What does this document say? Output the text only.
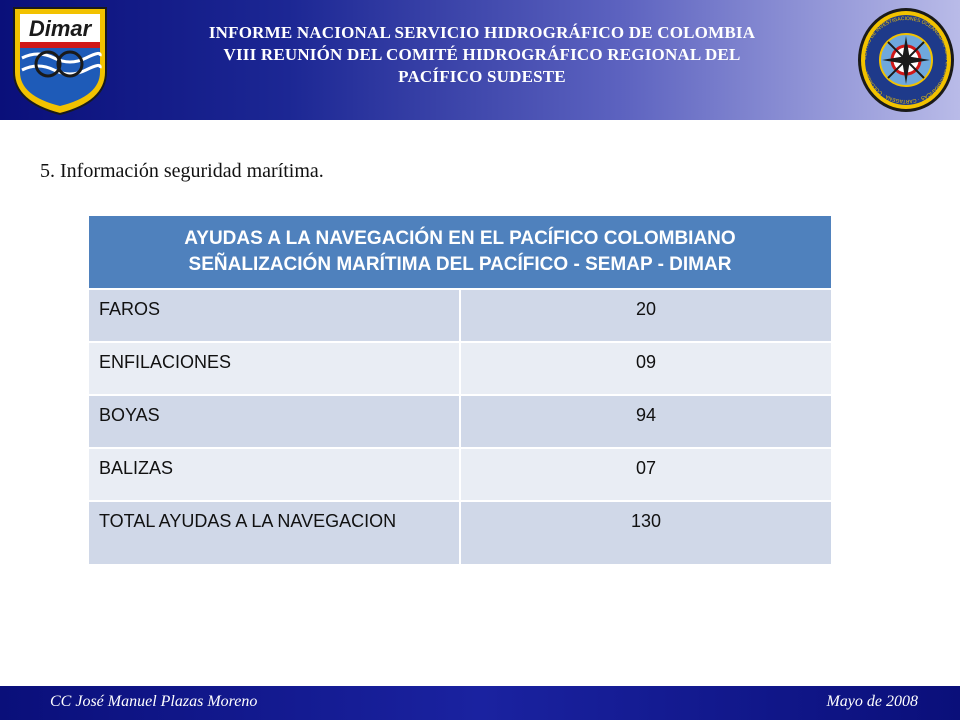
Dimar	INFORME NACIONAL SERVICIO HIDROGRÁFICO DE COLOMBIA
VIII REUNIÓN DEL COMITÉ HIDROGRÁFICO REGIONAL DEL
PACÍFICO SUDESTE
CENTRO DE INVESTIGACIONES OCEANOGRÁFICAS E HIDROGRÁFICAS · CARTAGENA · COLOMBIA
5. Información seguridad marítima.
AYUDAS A LA NAVEGACIÓN EN EL PACÍFICO COLOMBIANO
SEÑALIZACIÓN MARÍTIMA DEL PACÍFICO - SEMAP - DIMAR
FAROS	20
ENFILACIONES	09
BOYAS	94
BALIZAS	07
TOTAL AYUDAS A LA NAVEGACION	130
CC José Manuel Plazas Moreno	Mayo de 2008
